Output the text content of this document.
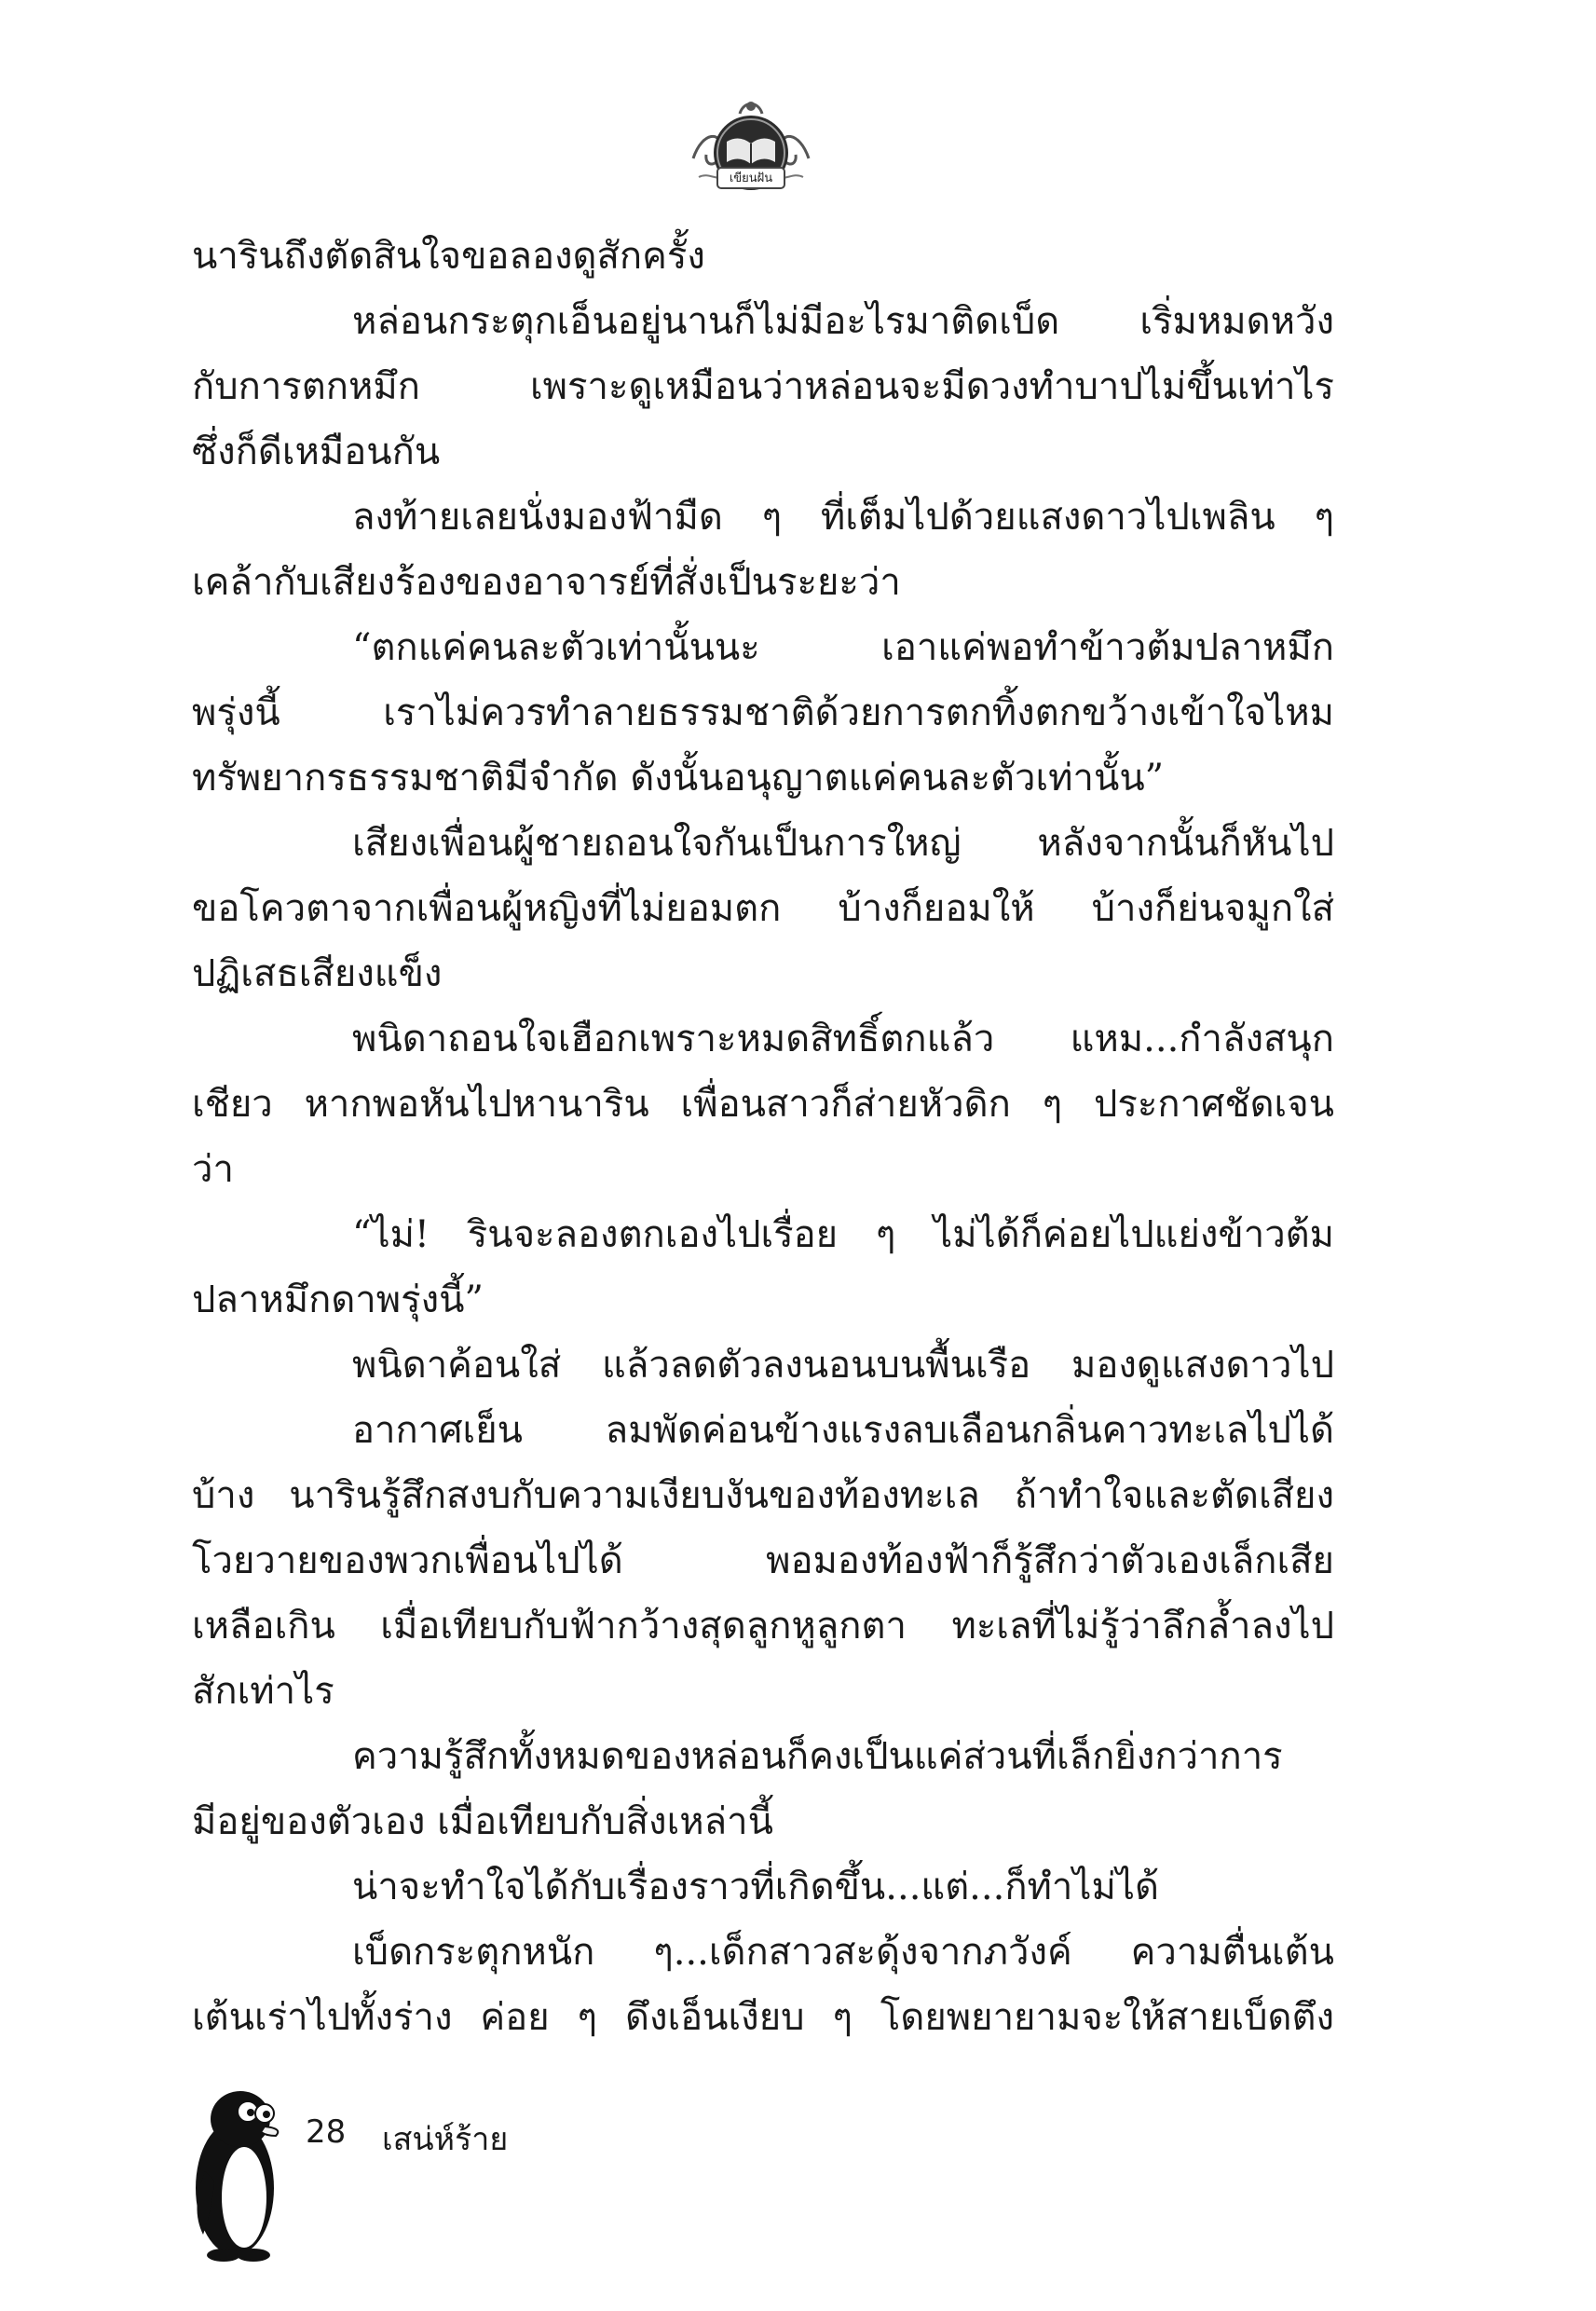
เขียนฝัน
นารินถึงตัดสินใจขอลองดูสักครั้ง
หล่อนกระตุกเอ็นอยู่นานก็ไม่มีอะไรมาติดเบ็ด เริ่มหมดหวัง
กับการตกหมึก เพราะดูเหมือนว่าหล่อนจะมีดวงทำบาปไม่ขึ้นเท่าไร
ซึ่งก็ดีเหมือนกัน
ลงท้ายเลยนั่งมองฟ้ามืด ๆ ที่เต็มไปด้วยแสงดาวไปเพลิน ๆ
เคล้ากับเสียงร้องของอาจารย์ที่สั่งเป็นระยะว่า
“ตกแค่คนละตัวเท่านั้นนะ เอาแค่พอทำข้าวต้มปลาหมึก
พรุ่งนี้ เราไม่ควรทำลายธรรมชาติด้วยการตกทิ้งตกขว้างเข้าใจไหม
ทรัพยากรธรรมชาติมีจำกัด ดังนั้นอนุญาตแค่คนละตัวเท่านั้น”
เสียงเพื่อนผู้ชายถอนใจกันเป็นการใหญ่ หลังจากนั้นก็หันไป
ขอโควตาจากเพื่อนผู้หญิงที่ไม่ยอมตก บ้างก็ยอมให้ บ้างก็ย่นจมูกใส่
ปฏิเสธเสียงแข็ง
พนิดาถอนใจเฮือกเพราะหมดสิทธิ์ตกแล้ว แหม...กำลังสนุก
เชียว หากพอหันไปหานาริน เพื่อนสาวก็ส่ายหัวดิก ๆ ประกาศชัดเจน
ว่า
“ไม่! รินจะลองตกเองไปเรื่อย ๆ ไม่ได้ก็ค่อยไปแย่งข้าวต้ม
ปลาหมึกดาพรุ่งนี้”
พนิดาค้อนใส่ แล้วลดตัวลงนอนบนพื้นเรือ มองดูแสงดาวไป
อากาศเย็น ลมพัดค่อนข้างแรงลบเลือนกลิ่นคาวทะเลไปได้
บ้าง นารินรู้สึกสงบกับความเงียบงันของท้องทะเล ถ้าทำใจและตัดเสียง
โวยวายของพวกเพื่อนไปได้ พอมองท้องฟ้าก็รู้สึกว่าตัวเองเล็กเสีย
เหลือเกิน เมื่อเทียบกับฟ้ากว้างสุดลูกหูลูกตา ทะเลที่ไม่รู้ว่าลึกล้ำลงไป
สักเท่าไร
ความรู้สึกทั้งหมดของหล่อนก็คงเป็นแค่ส่วนที่เล็กยิ่งกว่าการ
มีอยู่ของตัวเอง เมื่อเทียบกับสิ่งเหล่านี้
น่าจะทำใจได้กับเรื่องราวที่เกิดขึ้น...แต่...ก็ทำไม่ได้
เบ็ดกระตุกหนัก ๆ...เด็กสาวสะดุ้งจากภวังค์ ความตื่นเต้น
เต้นเร่าไปทั้งร่าง ค่อย ๆ ดึงเอ็นเงียบ ๆ โดยพยายามจะให้สายเบ็ดตึง
28 เสน่ห์ร้าย
